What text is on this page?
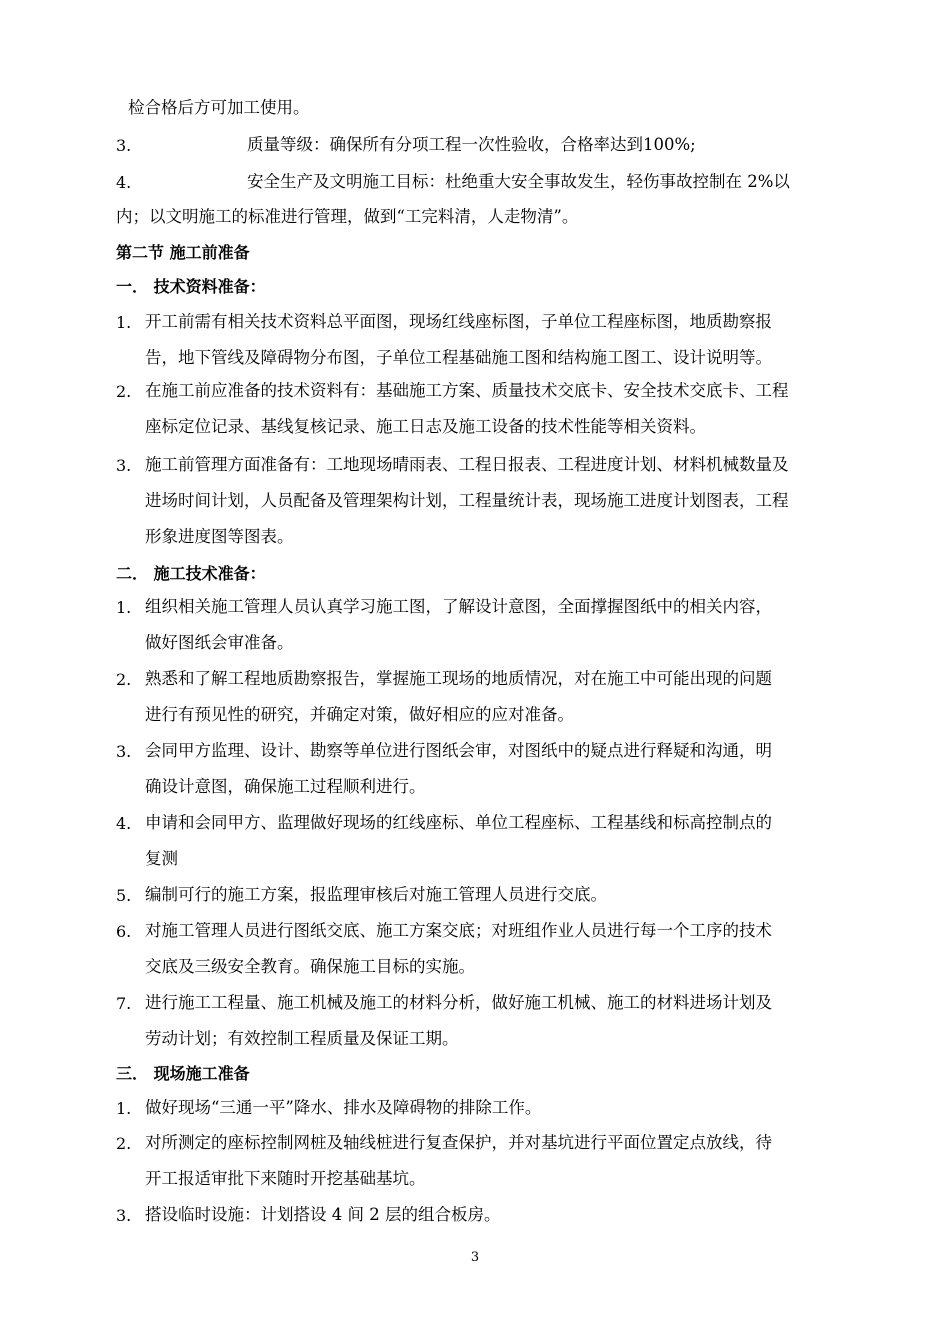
检合格后方可加工使用。
3.	质量等级：确保所有分项工程一次性验收，合格率达到100%;
4.	安全生产及文明施工目标：杜绝重大安全事故发生，轻伤事故控制在 2%以
内；以文明施工的标准进行管理，做到“工完料清，人走物清”。
第二节 施工前准备
一． 技术资料准备：
1. 开工前需有相关技术资料总平面图，现场红线座标图，子单位工程座标图，地质勘察报
告，地下管线及障碍物分布图，子单位工程基础施工图和结构施工图工、设计说明等。
2. 在施工前应准备的技术资料有：基础施工方案、质量技术交底卡、安全技术交底卡、工程
座标定位记录、基线复核记录、施工日志及施工设备的技术性能等相关资料。
3. 施工前管理方面准备有：工地现场晴雨表、工程日报表、工程进度计划、材料机械数量及
进场时间计划，人员配备及管理架构计划，工程量统计表，现场施工进度计划图表，工程
形象进度图等图表。
二． 施工技术准备：
1. 组织相关施工管理人员认真学习施工图，了解设计意图，全面撑握图纸中的相关内容，
做好图纸会审准备。
2. 熟悉和了解工程地质勘察报告，掌握施工现场的地质情况，对在施工中可能出现的问题
进行有预见性的研究，并确定对策，做好相应的应对准备。
3. 会同甲方监理、设计、勘察等单位进行图纸会审，对图纸中的疑点进行释疑和沟通，明
确设计意图，确保施工过程顺利进行。
4. 申请和会同甲方、监理做好现场的红线座标、单位工程座标、工程基线和标高控制点的
复测
5. 编制可行的施工方案，报监理审核后对施工管理人员进行交底。
6. 对施工管理人员进行图纸交底、施工方案交底；对班组作业人员进行每一个工序的技术
交底及三级安全教育。确保施工目标的实施。
7. 进行施工工程量、施工机械及施工的材料分析，做好施工机械、施工的材料进场计划及
劳动计划；有效控制工程质量及保证工期。
三． 现场施工准备
1. 做好现场“三通一平”降水、排水及障碍物的排除工作。
2. 对所测定的座标控制网桩及轴线桩进行复查保护，并对基坑进行平面位置定点放线，待
开工报适审批下来随时开挖基础基坑。
3. 搭设临时设施：计划搭设 4 间 2 层的组合板房。
3
